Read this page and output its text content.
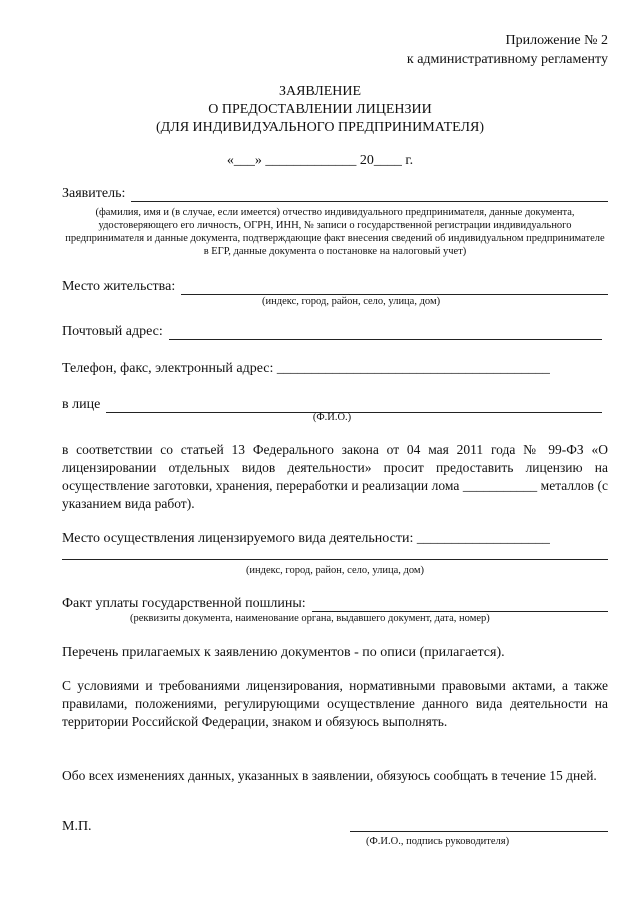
Приложение № 2

к административному регламенту

ЗАЯВЛЕНИЕ

О ПРЕДОСТАВЛЕНИИ ЛИЦЕНЗИИ

(ДЛЯ ИНДИВИДУАЛЬНОГО ПРЕДПРИНИМАТЕЛЯ)

«___» _____________ 20____ г.

Заявитель:

(фамилия, имя и (в случае, если имеется) отчество индивидуального предпринимателя, данные документа, удостоверяющего его личность, ОГРН, ИНН, № записи о государственной регистрации индивидуального предпринимателя и данные документа, подтверждающие факт внесения сведений об индивидуальном предпринимателе в ЕГР, данные документа о постановке на налоговый учет)

Место жительства:

(индекс, город, район, село, улица, дом)

Почтовый адрес:

Телефон, факс, электронный адрес: _______________________________________

в лице

(Ф.И.О.)

в соответствии со статьей 13 Федерального закона от 04 мая 2011 года № 99-ФЗ «О лицензировании отдельных видов деятельности» просит предоставить лицензию на осуществление заготовки, хранения, переработки и реализации лома ___________ металлов (с указанием вида работ).

Место осуществления лицензируемого вида деятельности: ___________________

(индекс, город, район, село, улица, дом)

Факт уплаты государственной пошлины:

(реквизиты документа, наименование органа, выдавшего документ, дата, номер)

Перечень прилагаемых к заявлению документов - по описи (прилагается).

С условиями и требованиями лицензирования, нормативными правовыми актами, а также правилами, положениями, регулирующими осуществление данного вида деятельности на территории Российской Федерации, знаком и обязуюсь выполнять.

Обо всех изменениях данных, указанных в заявлении, обязуюсь сообщать в течение 15 дней.

М.П.

(Ф.И.О., подпись руководителя)
